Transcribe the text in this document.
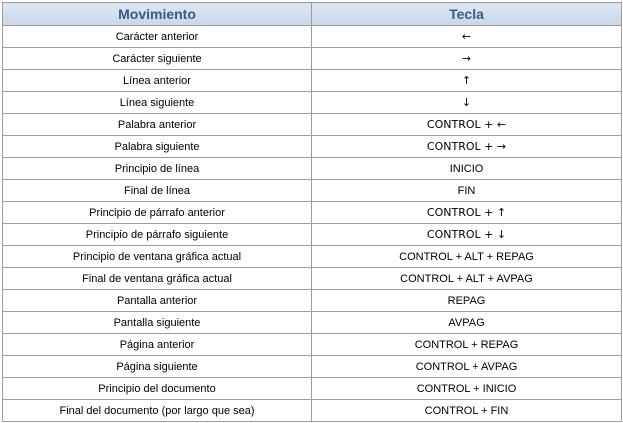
Movimiento	Tecla
Carácter anterior	←
Carácter siguiente	→
Línea anterior	↑
Línea siguiente	↓
Palabra anterior	CONTROL + ←
Palabra siguiente	CONTROL + →
Principio de línea	INICIO
Final de línea	FIN
Principio de párrafo anterior	CONTROL + ↑
Principio de párrafo siguiente	CONTROL + ↓
Principio de ventana gráfica actual	CONTROL + ALT + REPAG
Final de ventana gráfica actual	CONTROL + ALT + AVPAG
Pantalla anterior	REPAG
Pantalla siguiente	AVPAG
Página anterior	CONTROL + REPAG
Página siguiente	CONTROL + AVPAG
Principio del documento	CONTROL + INICIO
Final del documento (por largo que sea)	CONTROL + FIN
